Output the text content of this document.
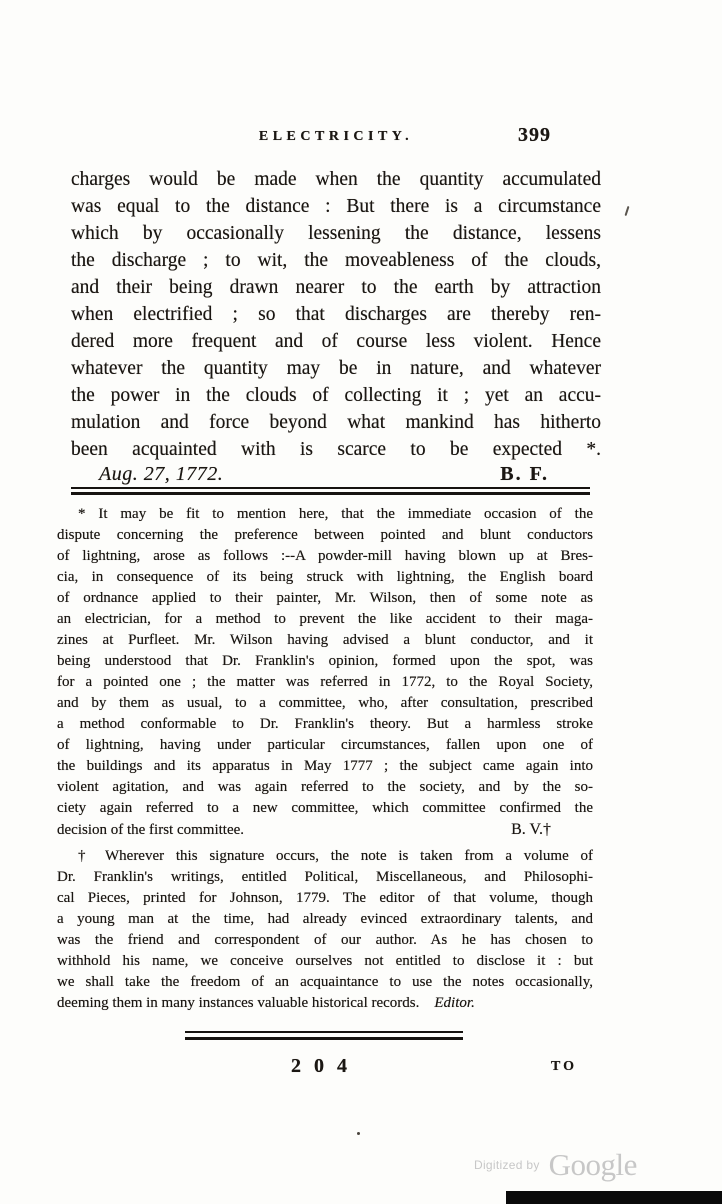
ELECTRICITY.	399
charges would be made when the quantity accumulated
was equal to the distance : But there is a circumstance
which by occasionally lessening the distance, lessens
the discharge ; to wit, the moveableness of the clouds,
and their being drawn nearer to the earth by attraction
when electrified ; so that discharges are thereby ren-
dered more frequent and of course less violent. Hence
whatever the quantity may be in nature, and whatever
the power in the clouds of collecting it ; yet an accu-
mulation and force beyond what mankind has hitherto
been acquainted with is scarce to be expected *.
Aug. 27, 1772.	B. F.
* It may be fit to mention here, that the immediate occasion of the
dispute concerning the preference between pointed and blunt conductors
of lightning, arose as follows :--A powder-mill having blown up at Bres-
cia, in consequence of its being struck with lightning, the English board
of ordnance applied to their painter, Mr. Wilson, then of some note as
an electrician, for a method to prevent the like accident to their maga-
zines at Purfleet. Mr. Wilson having advised a blunt conductor, and it
being understood that Dr. Franklin's opinion, formed upon the spot, was
for a pointed one ; the matter was referred in 1772, to the Royal Society,
and by them as usual, to a committee, who, after consultation, prescribed
a method conformable to Dr. Franklin's theory. But a harmless stroke
of lightning, having under particular circumstances, fallen upon one of
the buildings and its apparatus in May 1777 ; the subject came again into
violent agitation, and was again referred to the society, and by the so-
ciety again referred to a new committee, which committee confirmed the
decision of the first committee.	B. V.†
† Wherever this signature occurs, the note is taken from a volume of
Dr. Franklin's writings, entitled Political, Miscellaneous, and Philosophi-
cal Pieces, printed for Johnson, 1779. The editor of that volume, though
a young man at the time, had already evinced extraordinary talents, and
was the friend and correspondent of our author. As he has chosen to
withhold his name, we conceive ourselves not entitled to disclose it : but
we shall take the freedom of an acquaintance to use the notes occasionally,
deeming them in many instances valuable historical records. Editor.
2 0 4	TO
Digitized by Google
